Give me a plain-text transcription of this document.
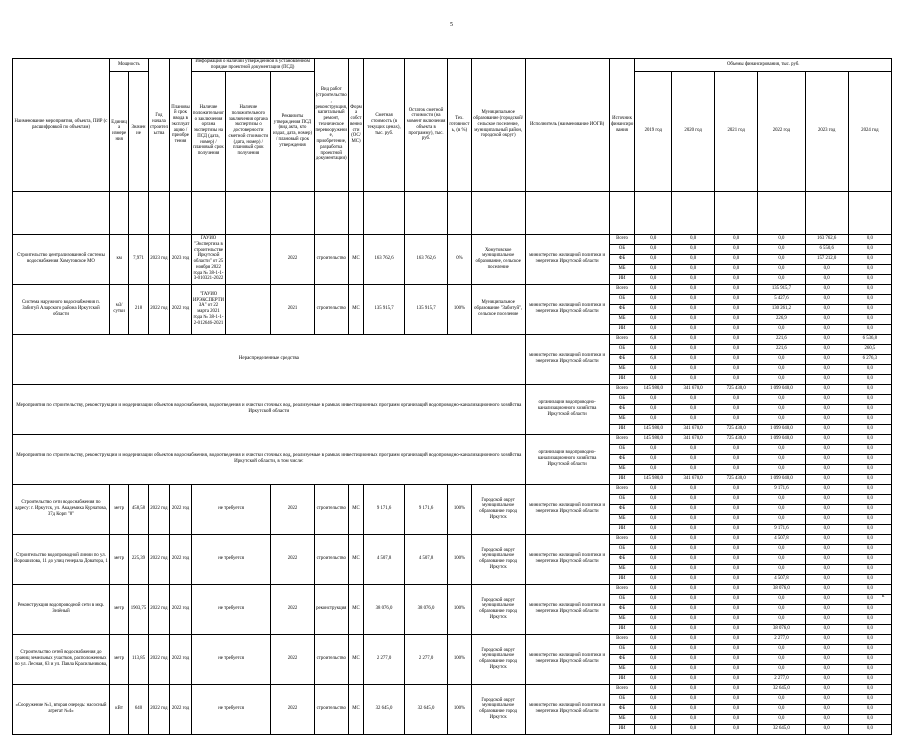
5
Наименование мероприятия, объекта, ПИР (с расшифровкой по объектам)	Мощность		Год начала строительства	Плановый срок ввода в эксплуатацию / приобретения	Информация о наличии утвержденной в установленном порядке проектной документации (ПСД)			Вид работ (строительство, реконструкция, капитальный ремонт, техническое перевооружение, приобретение, разработка проектной документации)	Форма собственности (ОС/МС)	Сметная стоимость (в текущих ценах), тыс. руб.	Остаток сметной стоимости (на момент включения объекта в программу), тыс. руб.	Тех. готовность, (в %)	Муниципальное образование (городской/сельское поселение, муниципальный район, городской округ)	Исполнитель (наименование ИОГВ)	Источник финансирования	Объемы финансирования, тыс. руб.					
	Единица измерения	Значение			Наличие положительного заключения органа экспертизы на ПСД (дата, номер) / плановый срок получения	Наличие положительного заключения органа экспертизы о достоверности сметной стоимости (дата, номер) / плановый срок получения	Реквизиты утверждения ПСД (вид акта, кто издал, дата, номер) / плановый срок утверждения									2019 год	2020 год	2021 год	2022 год	2023 год	2024 год

Строительство централизованной системы водоснабжения Хомутовское МО	км	7,971	2023 год	2023 год	ГАУИО "Экспертиза в строительстве Иркутской области" от 25 ноября 2022 года № 38-1-1-3-010321-2022		2022	строительство	МС	163 762,6	163 762,6	0%	Хомутовское муниципальное образование, сельское поселение	министерство жилищной политики и энергетики Иркутской области	Всего	0,0	0,0	0,0	0,0	163 762,6	0,0
															ОБ	0,0	0,0	0,0	0,0	6 550,6	0,0
															ФБ	0,0	0,0	0,0	0,0	157 212,0	0,0
															МБ	0,0	0,0	0,0	0,0	0,0	0,0
															ИИ	0,0	0,0	0,0	0,0	0,0	0,0
Система наружного водоснабжения п. Забитуй Аларского района Иркутской области	м3/сутки	218	2022 год	2022 год	"ГАУИО ИРЭКСПЕРТИЗА" от 22 марта 2021 года № 38-1-1-2-012646-2021		2021	строительство	МС	135 915,7	135 915,7	100%	Муниципальное образование "Забитуй", сельское поселение	министерство жилищной политики и энергетики Иркутской области	Всего	0,0	0,0	0,0	135 915,7	0,0	0,0
															ОБ	0,0	0,0	0,0	5 427,6	0,0	0,0
															ФБ	0,0	0,0	0,0	130 261,2	0,0	0,0
															МБ	0,0	0,0	0,0	226,9	0,0	0,0
															ИИ	0,0	0,0	0,0	0,0	0,0	0,0
Нераспределенные средства														министерство жилищной политики и энергетики Иркутской области	Всего	6,8	0,0	0,0	221,6	0,0	6 536,8
															ОБ	0,0	0,0	0,0	221,6	0,0	260,5
															ФБ	6,8	0,0	0,0	0,0	0,0	6 276,3
															МБ	0,0	0,0	0,0	0,0	0,0	0,0
															ИИ	0,0	0,0	0,0	0,0	0,0	0,0
Мероприятия по строительству, реконструкции и модернизации объектов водоснабжения, водоотведения и очистки сточных вод, реализуемые в рамках инвестиционных программ организаций водопроводно-канализационного хозяйства Иркутской области														организации водопроводно-канализационного хозяйства Иркутской области	Всего	145 980,0	341 670,0	725 430,0	1 099 040,0	0,0	0,0
															ОБ	0,0	0,0	0,0	0,0	0,0	0,0
															ФБ	0,0	0,0	0,0	0,0	0,0	0,0
															МБ	0,0	0,0	0,0	0,0	0,0	0,0
															ИИ	145 980,0	341 670,0	725 430,0	1 099 040,0	0,0	0,0
Мероприятия по строительству, реконструкции и модернизации объектов водоснабжения, водоотведения и очистки сточных вод, реализуемые в рамках инвестиционных программ организаций водопроводно-канализационного хозяйства Иркутской области, в том числе:														организации водопроводно-канализационного хозяйства Иркутской области	Всего	145 980,0	341 670,0	725 430,0	1 099 040,0	0,0	0,0
															ОБ	0,0	0,0	0,0	0,0	0,0	0,0
															ФБ	0,0	0,0	0,0	0,0	0,0	0,0
															МБ	0,0	0,0	0,0	0,0	0,0	0,0
															ИИ	145 980,0	341 670,0	725 430,0	1 099 040,0	0,0	0,0
Строительство сети водоснабжения по адресу: г. Иркутск, ул. Академика Курчатова, 37д Корп "8"	метр	458,58	2022 год	2022 год	не требуется		2022	строительство	МС	9 171,6	9 171,6	100%	Городской округ муниципальное образование город Иркутск	министерство жилищной политики и энергетики Иркутской области	Всего	0,0	0,0	0,0	9 171,6	0,0	0,0
															ОБ	0,0	0,0	0,0	0,0	0,0	0,0
															ФБ	0,0	0,0	0,0	0,0	0,0	0,0
															МБ	0,0	0,0	0,0	0,0	0,0	0,0
															ИИ	0,0	0,0	0,0	9 171,6	0,0	0,0
Строительство водопроводной линии по ул. Ворошилова, 11 до улиц генерала Доватора, 1	метр	225,39	2022 год	2022 год	не требуется		2022	строительство	МС	4 507,8	4 507,8	100%	Городской округ муниципальное образование город Иркутск	министерство жилищной политики и энергетики Иркутской области	Всего	0,0	0,0	0,0	4 507,8	0,0	0,0
															ОБ	0,0	0,0	0,0	0,0	0,0	0,0
															ФБ	0,0	0,0	0,0	0,0	0,0	0,0
															МБ	0,0	0,0	0,0	0,0	0,0	0,0
															ИИ	0,0	0,0	0,0	4 507,8	0,0	0,0
Реконструкция водопроводной сети в мкр. Зелёный	метр	1903,75	2022 год	2022 год	не требуется		2022	реконструкция	МС	38 076,0	38 076,0	100%	Городской округ муниципальное образование город Иркутск	министерство жилищной политики и энергетики Иркутской области	Всего	0,0	0,0	0,0	38 076,0	0,0	0,0
															ОБ	0,0	0,0	0,0	0,0	0,0	0,0
															ФБ	0,0	0,0	0,0	0,0	0,0	0,0
															МБ	0,0	0,0	0,0	0,0	0,0	0,0
															ИИ	0,0	0,0	0,0	38 076,0	0,0	0,0
Строительство сетей водоснабжения до границ земельных участков, расположенных по ул. Лесная, 63 и ул. Павла Красильникова,	метр	113,85	2022 год	2022 год	не требуется		2022	строительство	МС	2 277,0	2 277,0	100%	Городской округ муниципальное образование город Иркутск	министерство жилищной политики и энергетики Иркутской области	Всего	0,0	0,0	0,0	2 277,0	0,0	0,0
															ОБ	0,0	0,0	0,0	0,0	0,0	0,0
															ФБ	0,0	0,0	0,0	0,0	0,0	0,0
															МБ	0,0	0,0	0,0	0,0	0,0	0,0
															ИИ	0,0	0,0	0,0	2 277,0	0,0	0,0
«Сооружение №1, вторая очередь: насосный агрегат №4»	кВт	640	2022 год	2022 год	не требуется		2022	строительство	МС	32 645,0	32 645,0	100%	Городской округ муниципальное образование город Иркутск	министерство жилищной политики и энергетики Иркутской области	Всего	0,0	0,0	0,0	32 645,0	0,0	0,0
															ОБ	0,0	0,0	0,0	0,0	0,0	0,0
															ФБ	0,0	0,0	0,0	0,0	0,0	0,0
															МБ	0,0	0,0	0,0	0,0	0,0	0,0
															ИИ	0,0	0,0	0,0	32 645,0	0,0	0,0
к
